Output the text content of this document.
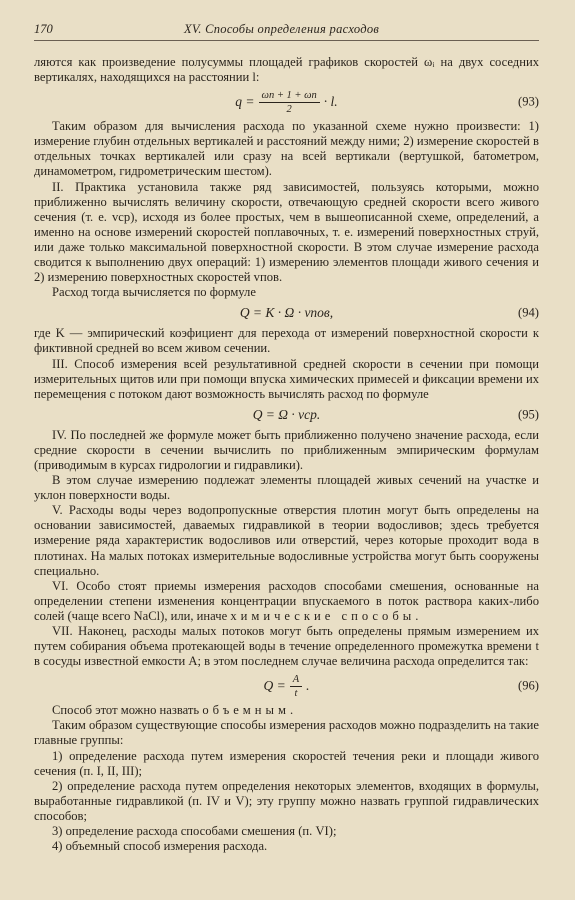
170	XV. Способы определения расходов

ляются как произведение полусуммы площадей графиков скоростей ωᵢ на двух соседних вертикалях, находящихся на расстоянии l:

$q = \frac{\omega n + 1 + \omega n}{2} \cdot l$.	(93)

Таким образом для вычисления расхода по указанной схеме нужно произвести: 1) измерение глубин отдельных вертикалей и расстояний между ними; 2) измерение скоростей в отдельных точках вертикалей или сразу на всей вертикали (вертушкой, батометром, динамометром, гидрометрическим шестом).

II. Практика установила также ряд зависимостей, пользуясь которыми, можно приближенно вычислять величину скорости, отвечающую средней скорости всего живого сечения (т. е. vср), исходя из более простых, чем в вышеописанной схеме, определений, а именно на основе измерений скоростей поплавочных, т. е. измерений поверхностных струй, или даже только максимальной поверхностной скорости. В этом случае измерение расхода сводится к выполнению двух операций: 1) измерению элементов площади живого сечения и 2) измерению поверхностных скоростей vпов.

Расход тогда вычисляется по формуле

Q = K · Ω · vпов,	(94)

где K — эмпирический коэфициент для перехода от измерений поверхностной скорости к фиктивной средней во всем живом сечении.

III. Способ измерения всей результативной средней скорости в сечении при помощи измерительных щитов или при помощи впуска химических примесей и фиксации времени их перемещения с потоком дают возможность вычислять расход по формуле

Q = Ω · vср.	(95)

IV. По последней же формуле может быть приближенно получено значение расхода, если средние скорости в сечении вычислить по приближенным эмпирическим формулам (приводимым в курсах гидрологии и гидравлики).

В этом случае измерению подлежат элементы площадей живых сечений на участке и уклон поверхности воды.

V. Расходы воды через водопропускные отверстия плотин могут быть определены на основании зависимостей, даваемых гидравликой в теории водосливов; здесь требуется измерение ряда характеристик водосливов или отверстий, через которые проходит вода в плотинах. На малых потоках измерительные водосливные устройства могут быть сооружены специально.

VI. Особо стоят приемы измерения расходов способами смешения, основанные на определении степени изменения концентрации впускаемого в поток раствора каких-либо солей (чаще всего NaCl), или, иначе химические способы.

VII. Наконец, расходы малых потоков могут быть определены прямым измерением их путем собирания объема протекающей воды в течение определенного промежутка времени t в сосуды известной емкости A; в этом последнем случае величина расхода определится так:

$Q = \frac{A}{t}$ .	(96)

Способ этот можно назвать объемным.

Таким образом существующие способы измерения расходов можно подразделить на такие главные группы:

1) определение расхода путем измерения скоростей течения реки и площади живого сечения (п. I, II, III);

2) определение расхода путем определения некоторых элементов, входящих в формулы, выработанные гидравликой (п. IV и V); эту группу можно назвать группой гидравлических способов;

3) определение расхода способами смешения (п. VI);

4) объемный способ измерения расхода.
